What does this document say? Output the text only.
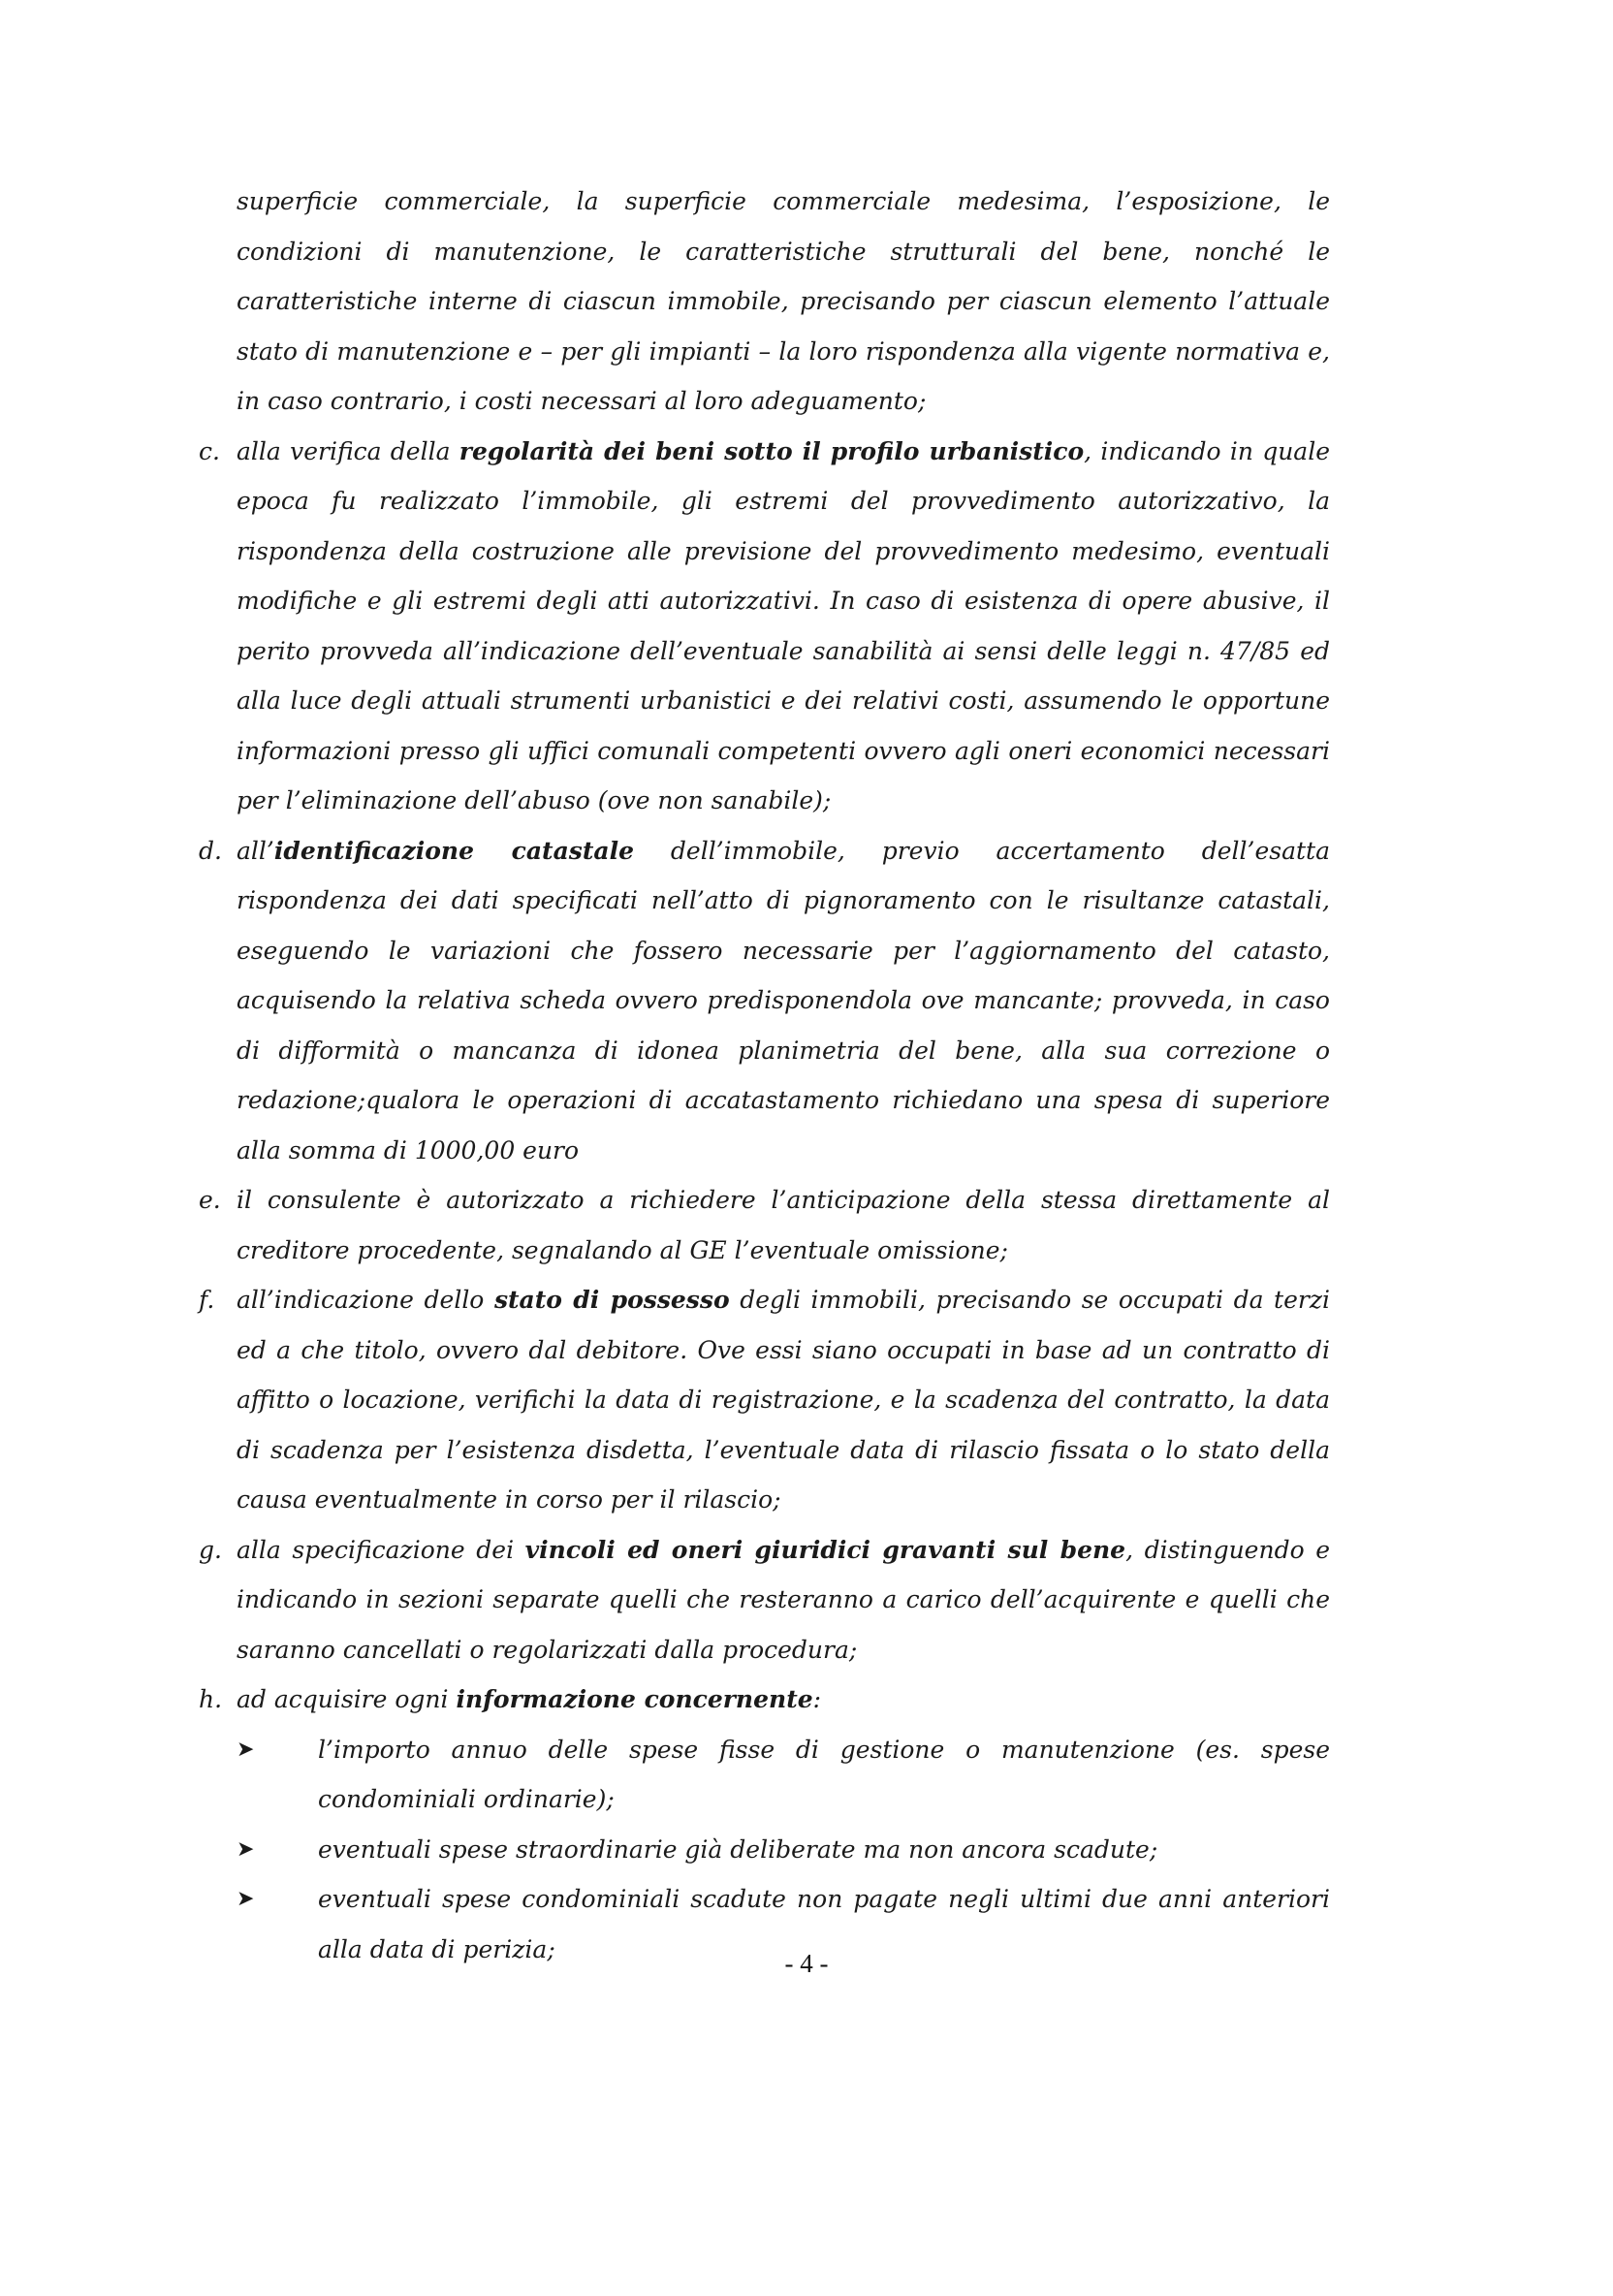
superficie commerciale, la superficie commerciale medesima, l’esposizione, le condizioni di manutenzione, le caratteristiche strutturali del bene, nonché le caratteristiche interne di ciascun immobile, precisando per ciascun elemento l’attuale stato di manutenzione e – per gli impianti – la loro rispondenza alla vigente normativa e, in caso contrario, i costi necessari al loro adeguamento;

c. alla verifica della regolarità dei beni sotto il profilo urbanistico, indicando in quale epoca fu realizzato l’immobile, gli estremi del provvedimento autorizzativo, la rispondenza della costruzione alle previsione del provvedimento medesimo, eventuali modifiche e gli estremi degli atti autorizzativi. In caso di esistenza di opere abusive, il perito provveda all’indicazione dell’eventuale sanabilità ai sensi delle leggi n. 47/85 ed alla luce degli attuali strumenti urbanistici e dei relativi costi, assumendo le opportune informazioni presso gli uffici comunali competenti ovvero agli oneri economici necessari per l’eliminazione dell’abuso (ove non sanabile);
d. all’identificazione catastale dell’immobile, previo accertamento dell’esatta rispondenza dei dati specificati nell’atto di pignoramento con le risultanze catastali, eseguendo le variazioni che fossero necessarie per l’aggiornamento del catasto, acquisendo la relativa scheda ovvero predisponendola ove mancante; provveda, in caso di difformità o mancanza di idonea planimetria del bene, alla sua correzione o redazione;qualora le operazioni di accatastamento richiedano una spesa di superiore alla somma di 1000,00 euro
e. il consulente è autorizzato a richiedere l’anticipazione della stessa direttamente al creditore procedente, segnalando al GE l’eventuale omissione;
f. all’indicazione dello stato di possesso degli immobili, precisando se occupati da terzi ed a che titolo, ovvero dal debitore. Ove essi siano occupati in base ad un contratto di affitto o locazione, verifichi la data di registrazione, e la scadenza del contratto, la data di scadenza per l’esistenza disdetta, l’eventuale data di rilascio fissata o lo stato della causa eventualmente in corso per il rilascio;
g. alla specificazione dei vincoli ed oneri giuridici gravanti sul bene, distinguendo e indicando in sezioni separate quelli che resteranno a carico dell’acquirente e quelli che saranno cancellati o regolarizzati dalla procedura;
h. ad acquisire ogni informazione concernente:
➤	l’importo annuo delle spese fisse di gestione o manutenzione (es. spese condominiali ordinarie);
➤	eventuali spese straordinarie già deliberate ma non ancora scadute;
➤	eventuali spese condominiali scadute non pagate negli ultimi due anni anteriori alla data di perizia;	- 4 -
